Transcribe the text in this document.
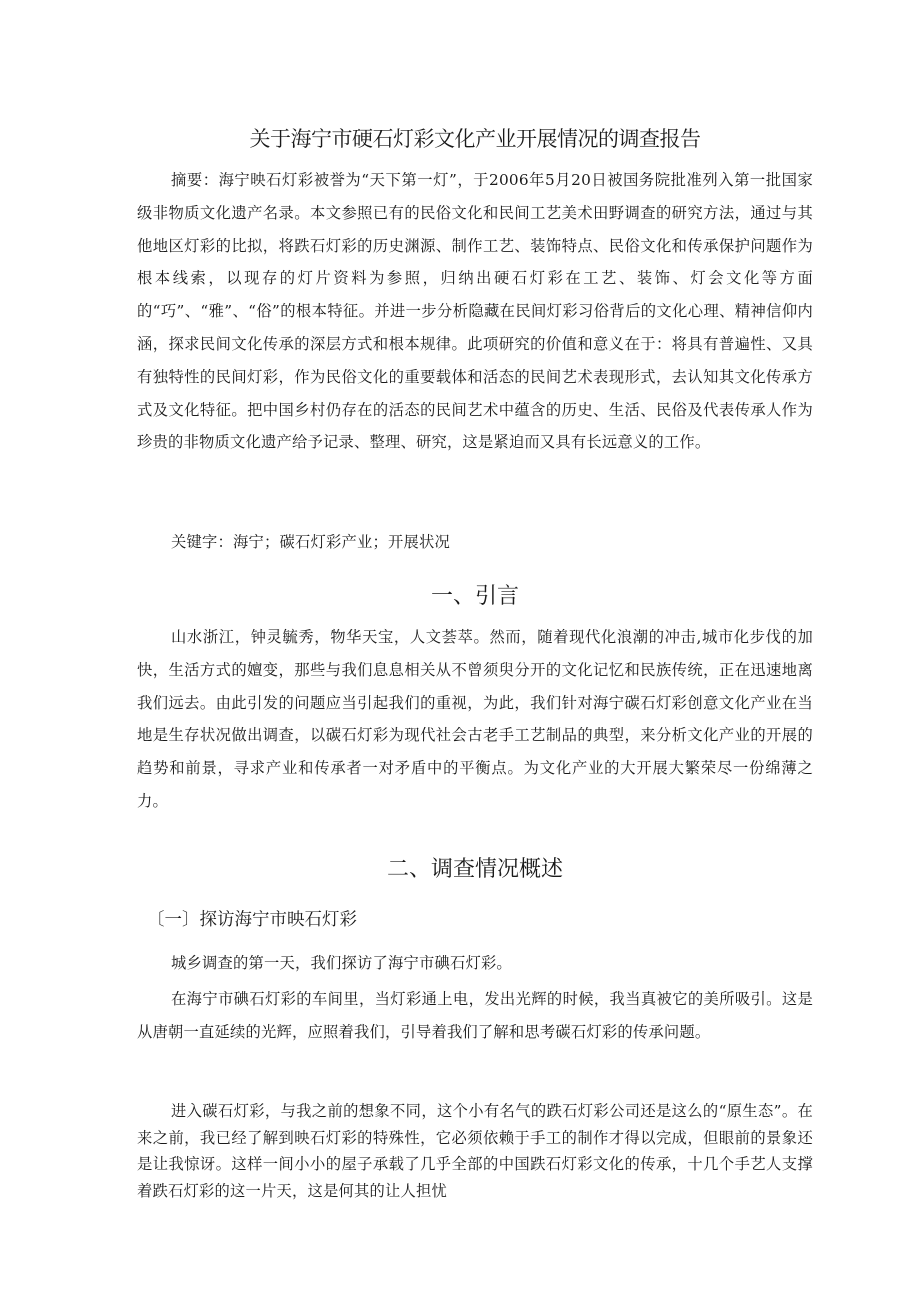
关于海宁市硬石灯彩文化产业开展情况的调查报告

摘要：海宁映石灯彩被誉为“天下第一灯”，于2006年5月20日被国务院批准列入第一批国家级非物质文化遗产名录。本文参照已有的民俗文化和民间工艺美术田野调查的研究方法，通过与其他地区灯彩的比拟，将跌石灯彩的历史渊源、制作工艺、装饰特点、民俗文化和传承保护问题作为根本线索，以现存的灯片资料为参照，归纳出硬石灯彩在工艺、装饰、灯会文化等方面的“巧”、“雅”、“俗”的根本特征。并进一步分析隐藏在民间灯彩习俗背后的文化心理、精神信仰内涵，探求民间文化传承的深层方式和根本规律。此项研究的价值和意义在于：将具有普遍性、又具有独特性的民间灯彩，作为民俗文化的重要载体和活态的民间艺术表现形式，去认知其文化传承方式及文化特征。把中国乡村仍存在的活态的民间艺术中蕴含的历史、生活、民俗及代表传承人作为珍贵的非物质文化遗产给予记录、整理、研究，这是紧迫而又具有长远意义的工作。

关键字：海宁；碳石灯彩产业；开展状况

一、引言

山水浙江，钟灵毓秀，物华天宝，人文荟萃。然而，随着现代化浪潮的冲击,城市化步伐的加快，生活方式的嬗变，那些与我们息息相关从不曾须臾分开的文化记忆和民族传统，正在迅速地离我们远去。由此引发的问题应当引起我们的重视，为此，我们针对海宁碳石灯彩创意文化产业在当地是生存状况做出调查，以碳石灯彩为现代社会古老手工艺制品的典型，来分析文化产业的开展的趋势和前景，寻求产业和传承者一对矛盾中的平衡点。为文化产业的大开展大繁荣尽一份绵薄之力。

二、调查情况概述
〔一〕探访海宁市映石灯彩

城乡调查的第一天，我们探访了海宁市碘石灯彩。

在海宁市碘石灯彩的车间里，当灯彩通上电，发出光辉的时候，我当真被它的美所吸引。这是从唐朝一直延续的光辉，应照着我们，引导着我们了解和思考碳石灯彩的传承问题。

进入碳石灯彩，与我之前的想象不同，这个小有名气的跌石灯彩公司还是这么的“原生态”。在来之前，我已经了解到映石灯彩的特殊性，它必须依赖于手工的制作才得以完成，但眼前的景象还是让我惊讶。这样一间小小的屋子承载了几乎全部的中国跌石灯彩文化的传承，十几个手艺人支撑着跌石灯彩的这一片天，这是何其的让人担忧
